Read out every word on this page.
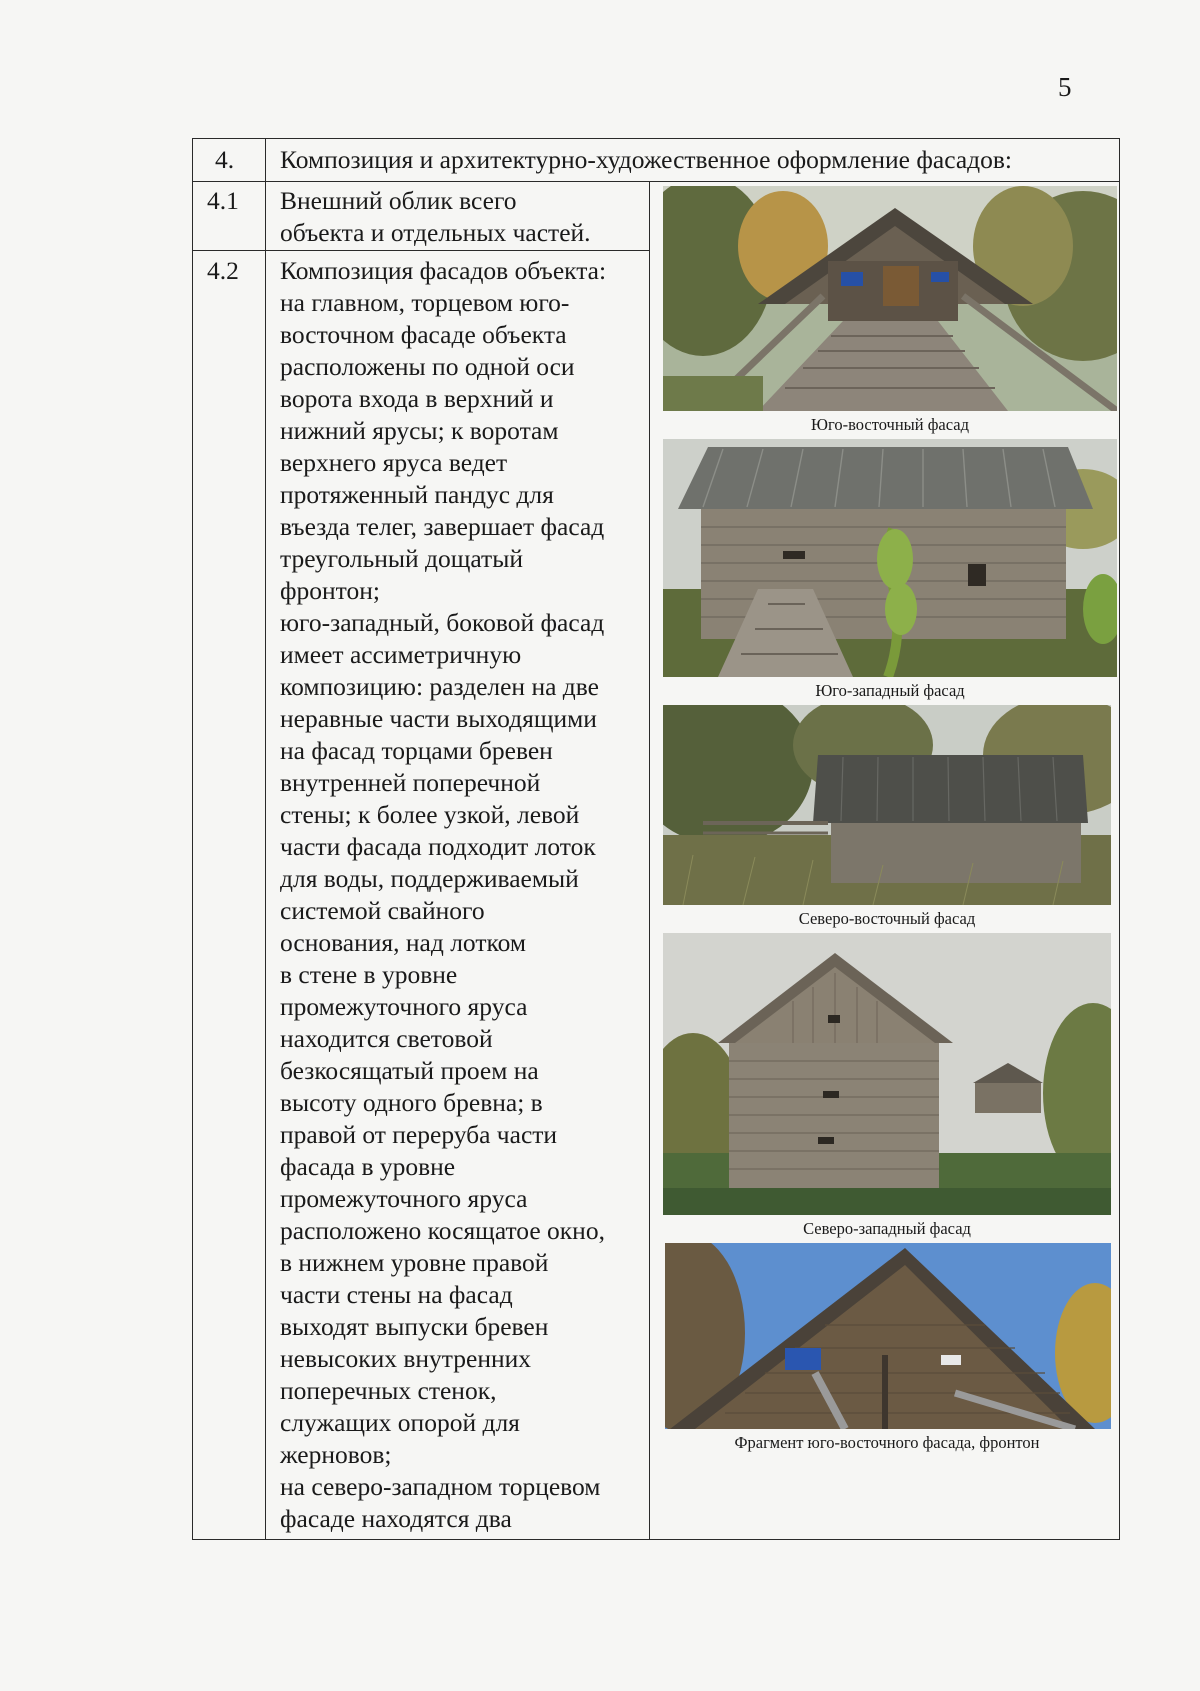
5
4. Композиция и архитектурно-художественное оформление фасадов:
4.1 Внешний облик всего
объекта и отдельных частей.
4.2 Композиция фасадов объекта:
на главном, торцевом юго-
восточном фасаде объекта
расположены по одной оси
ворота входа в верхний и
нижний ярусы; к воротам
верхнего яруса ведет
протяженный пандус для
въезда телег, завершает фасад
треугольный дощатый
фронтон;
юго-западный, боковой фасад
имеет ассиметричную
композицию: разделен на две
неравные части выходящими
на фасад торцами бревен
внутренней поперечной
стены; к более узкой, левой
части фасада подходит лоток
для воды, поддерживаемый
системой свайного
основания, над лотком
в стене в уровне
промежуточного яруса
находится световой
безкосящатый проем на
высоту одного бревна; в
правой от переруба части
фасада в уровне
промежуточного яруса
расположено косящатое окно,
в нижнем уровне правой
части стены на фасад
выходят выпуски бревен
невысоких внутренних
поперечных стенок,
служащих опорой для
жерновов;
на северо-западном торцевом
фасаде находятся два
Юго-восточный фасад
Юго-западный фасад
Северо-восточный фасад
Северо-западный фасад
Фрагмент юго-восточного фасада, фронтон
